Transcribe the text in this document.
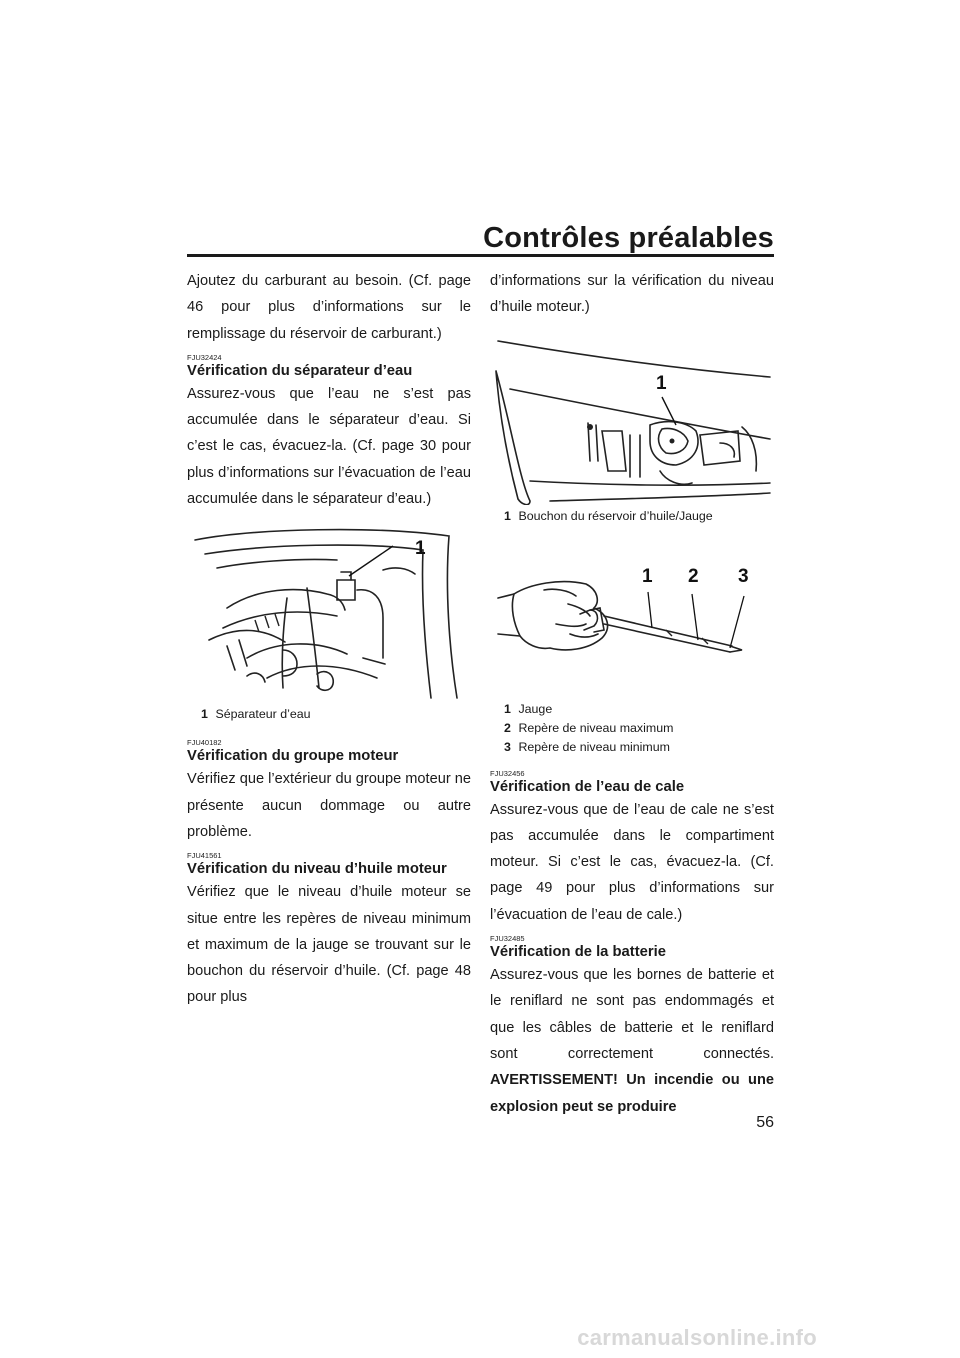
Contrôles préalables

Ajoutez du carburant au besoin. (Cf. page 46 pour plus d’informations sur le remplissage du réservoir de carburant.)

FJU32424
Vérification du séparateur d’eau

Assurez-vous que l’eau ne s’est pas accumulée dans le séparateur d’eau. Si c’est le cas, évacuez-la. (Cf. page 30 pour plus d’informations sur l’évacuation de l’eau accumulée dans le séparateur d’eau.)

1

1 Séparateur d’eau

FJU40182
Vérification du groupe moteur

Vérifiez que l’extérieur du groupe moteur ne présente aucun dommage ou autre problème.

FJU41561
Vérification du niveau d’huile moteur

Vérifiez que le niveau d’huile moteur se situe entre les repères de niveau minimum et maximum de la jauge se trouvant sur le bouchon du réservoir d’huile. (Cf. page 48 pour plus

d’informations sur la vérification du niveau d’huile moteur.)

1

1 Bouchon du réservoir d’huile/Jauge

1 2 3

1 Jauge

2 Repère de niveau maximum

3 Repère de niveau minimum

FJU32456
Vérification de l’eau de cale

Assurez-vous que de l’eau de cale ne s’est pas accumulée dans le compartiment moteur. Si c’est le cas, évacuez-la. (Cf. page 49 pour plus d’informations sur l’évacuation de l’eau de cale.)

FJU32485
Vérification de la batterie

Assurez-vous que les bornes de batterie et le reniflard ne sont pas endommagés et que les câbles de batterie et le reniflard sont correctement connectés. AVERTISSEMENT! Un incendie ou une explosion peut se produire

56
carmanualsonline.info
